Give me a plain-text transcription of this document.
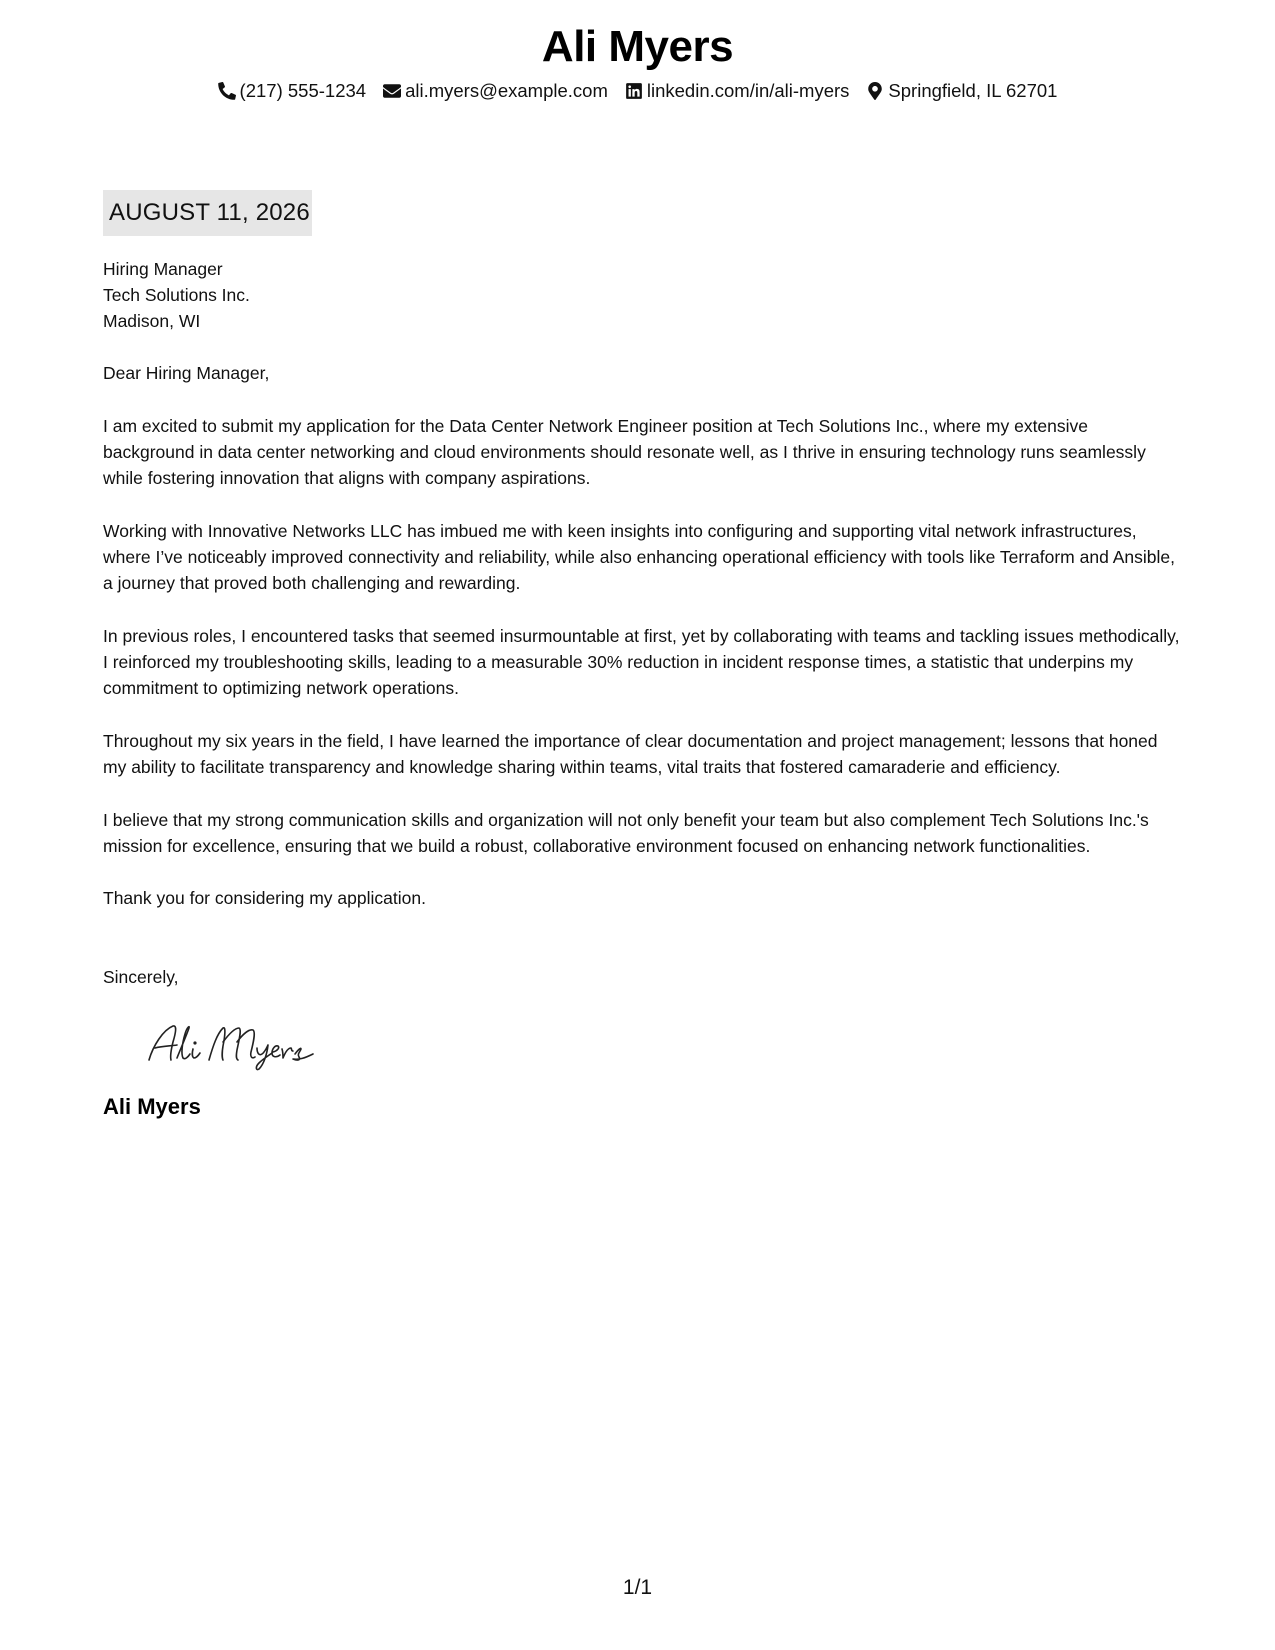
Ali Myers
(217) 555-1234 ali.myers@example.com linkedin.com/in/ali-myers Springfield, IL 62701
AUGUST 11, 2026
Hiring Manager
Tech Solutions Inc.
Madison, WI
Dear Hiring Manager,
I am excited to submit my application for the Data Center Network Engineer position at Tech Solutions Inc., where my extensive background in data center networking and cloud environments should resonate well, as I thrive in ensuring technology runs seamlessly while fostering innovation that aligns with company aspirations.
Working with Innovative Networks LLC has imbued me with keen insights into configuring and supporting vital network infrastructures, where I’ve noticeably improved connectivity and reliability, while also enhancing operational efficiency with tools like Terraform and Ansible, a journey that proved both challenging and rewarding.
In previous roles, I encountered tasks that seemed insurmountable at first, yet by collaborating with teams and tackling issues methodically, I reinforced my troubleshooting skills, leading to a measurable 30% reduction in incident response times, a statistic that underpins my commitment to optimizing network operations.
Throughout my six years in the field, I have learned the importance of clear documentation and project management; lessons that honed my ability to facilitate transparency and knowledge sharing within teams, vital traits that fostered camaraderie and efficiency.
I believe that my strong communication skills and organization will not only benefit your team but also complement Tech Solutions Inc.'s mission for excellence, ensuring that we build a robust, collaborative environment focused on enhancing network functionalities.
Thank you for considering my application.
Sincerely,
Ali Myers
1/1
